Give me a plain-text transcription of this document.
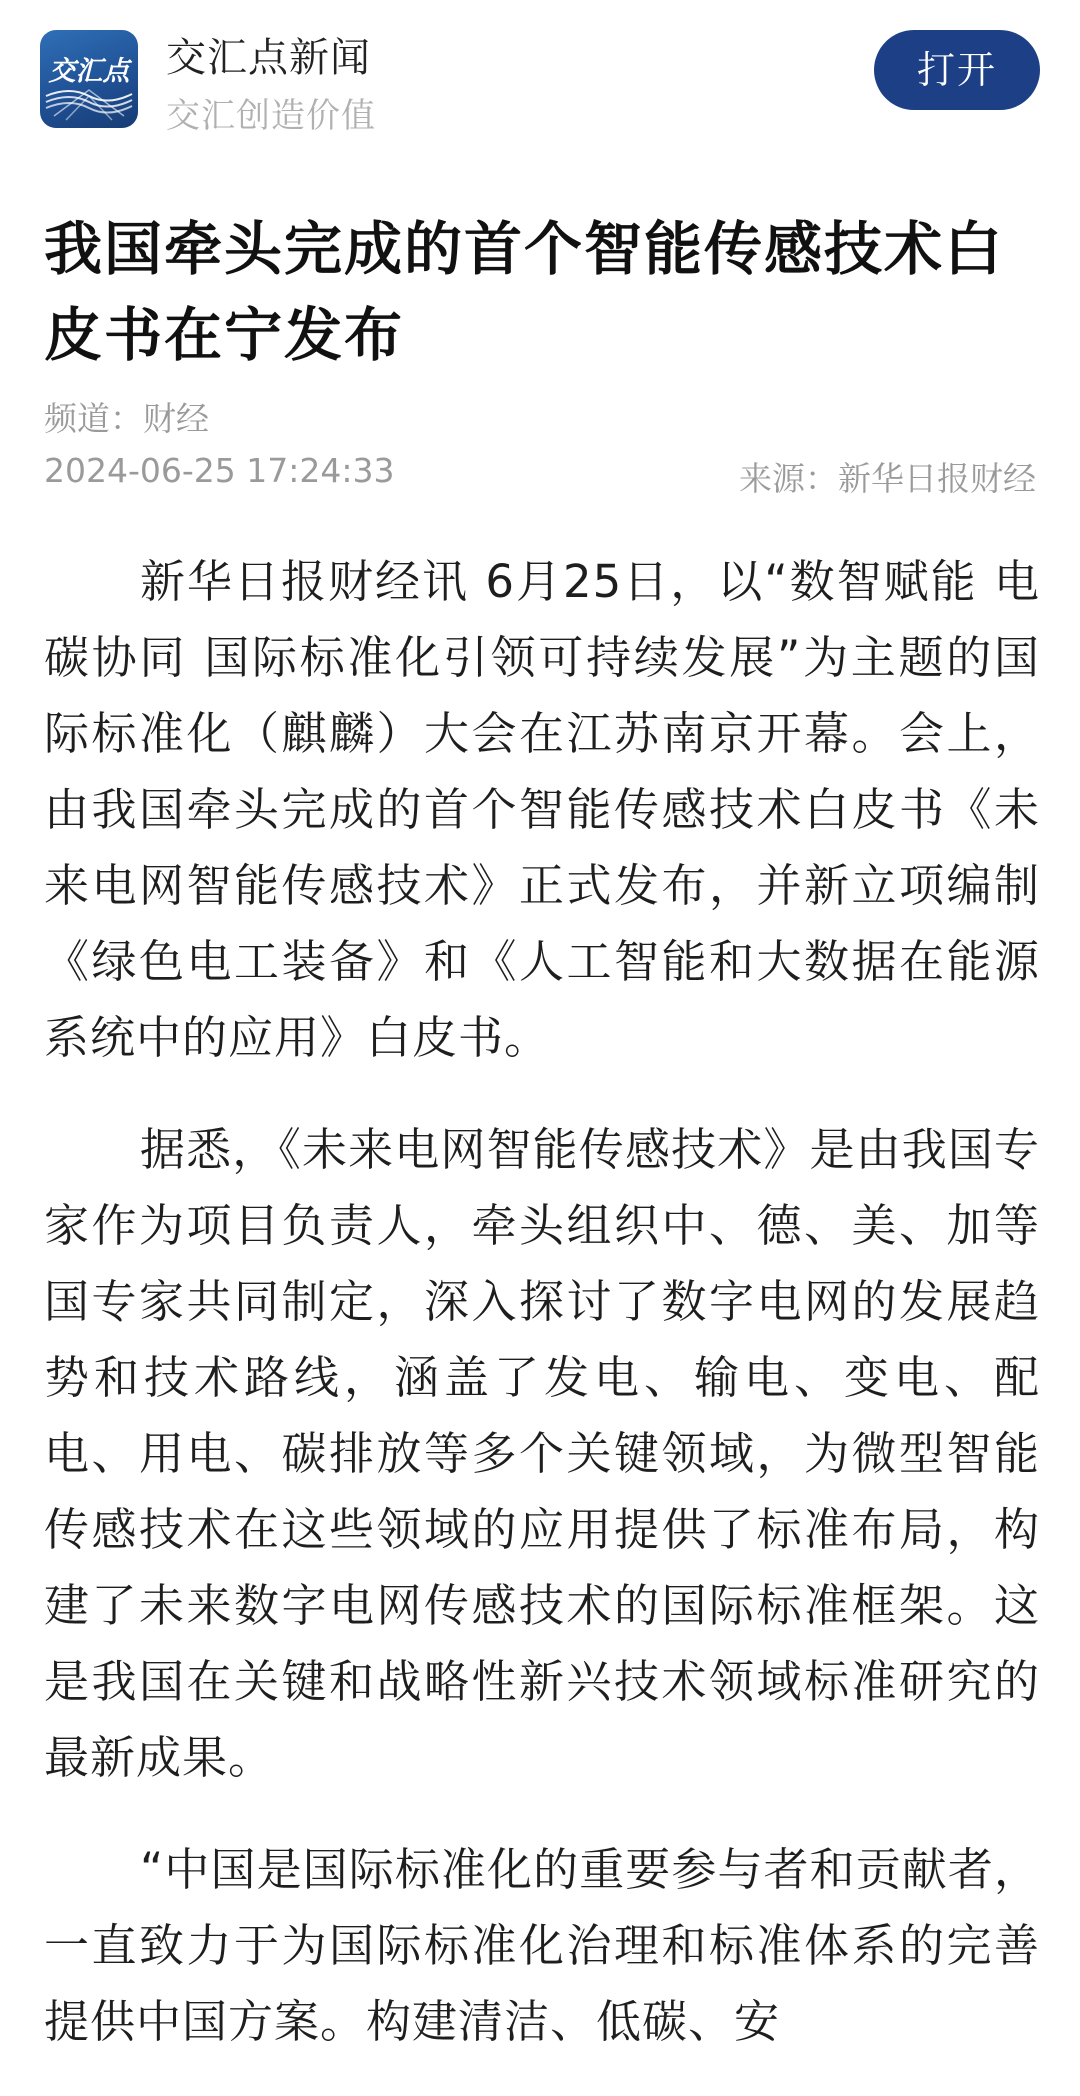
交汇点 交汇点新闻
交汇创造价值
打开
我国牵头完成的首个智能传感技术白皮书在宁发布
频道：财经
2024-06-25 17:24:33	来源：新华日报财经

新华日报财经讯 6月25日，以“数智赋能 电碳协同 国际标准化引领可持续发展”为主题的国际标准化（麒麟）大会在江苏南京开幕。会上，由我国牵头完成的首个智能传感技术白皮书《未来电网智能传感技术》正式发布，并新立项编制《绿色电工装备》和《人工智能和大数据在能源系统中的应用》白皮书。

据悉，《未来电网智能传感技术》是由我国专家作为项目负责人，牵头组织中、德、美、加等国专家共同制定，深入探讨了数字电网的发展趋势和技术路线，涵盖了发电、输电、变电、配电、用电、碳排放等多个关键领域，为微型智能传感技术在这些领域的应用提供了标准布局，构建了未来数字电网传感技术的国际标准框架。这是我国在关键和战略性新兴技术领域标准研究的最新成果。

“中国是国际标准化的重要参与者和贡献者，一直致力于为国际标准化治理和标准体系的完善提供中国方案。构建清洁、低碳、安
